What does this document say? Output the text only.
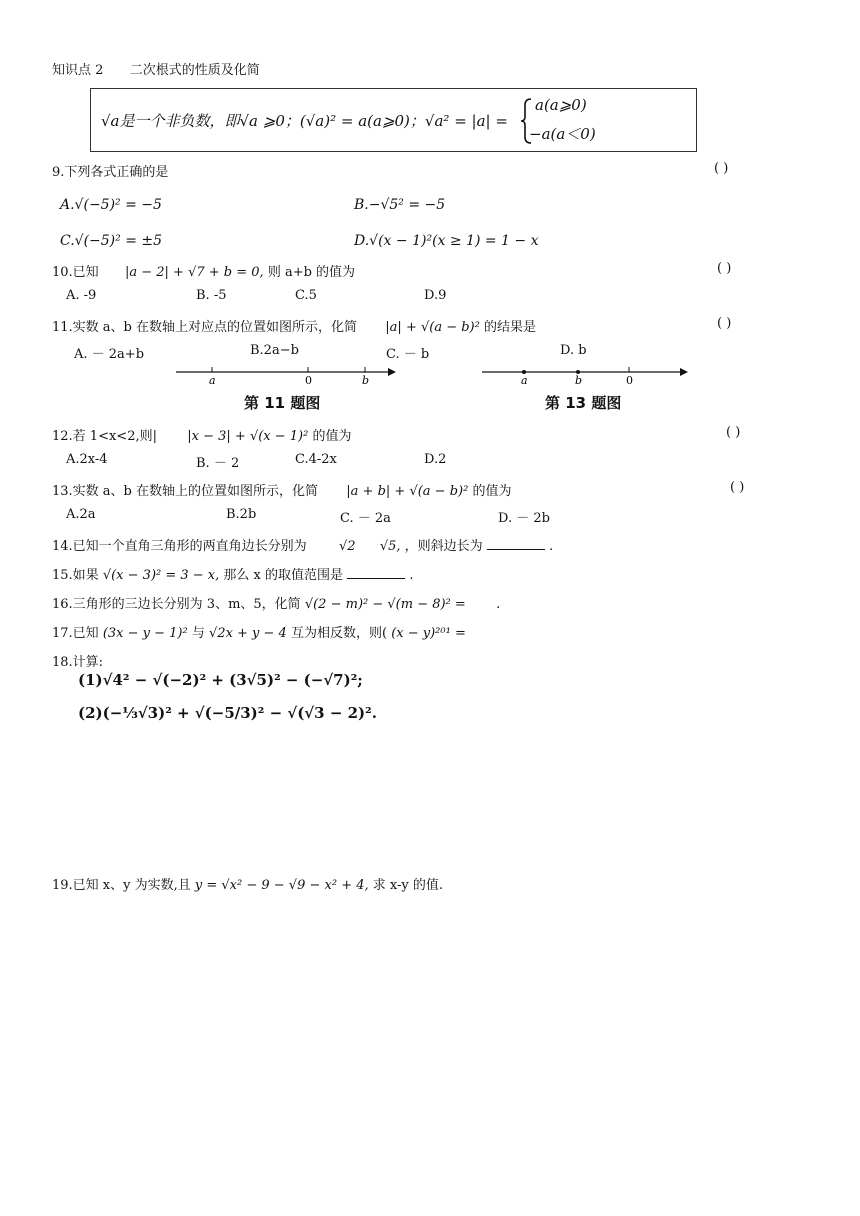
知识点 2 二次根式的性质及化简
√a是一个非负数，即√a ⩾0；(√a)² = a(a⩾0)；√a² = |a| =
a(a⩾0)
−a(a＜0)
9.下列各式正确的是	( )
A.√(−5)² = −5	B.−√5² = −5
C.√(−5)² = ±5	D.√(x − 1)²(x ≥ 1) = 1 − x
10.已知 |a − 2| + √7 + b = 0, 则 a+b 的值为	( )
A. -9	B. -5	C.5	D.9
11.实数 a、b 在数轴上对应点的位置如图所示，化简 |a| + √(a − b)² 的结果是	( )
A. － 2a+b	B.2a−b	C. － b	D. b
a	0	b
第 11 题图
a	b	0
第 13 题图
12.若 1<x<2,则| |x − 3| + √(x − 1)² 的值为	( )
A.2x-4	B. － 2	C.4-2x	D.2
13.实数 a、b 在数轴上的位置如图所示，化简 |a + b| + √(a − b)² 的值为	( )
A.2a	B.2b	C. － 2a	D. － 2b
14.已知一个直角三角形的两直角边长分别为 √2 √5, ，则斜边长为	.
15.如果 √(x − 3)² = 3 − x, 那么 x 的取值范围是	.
16.三角形的三边长分别为 3、m、5，化简 √(2 − m)² − √(m − 8)² = .
17.已知 (3x − y − 1)² 与 √2x + y − 4 互为相反数，则( (x − y)²⁰¹ =
18.计算:
(1)√4² − √(−2)² + (3√5)² − (−√7)²;
(2)(−⅓√3)² + √(−5/3)² − √(√3 − 2)².
19.已知 x、y 为实数,且 y = √x² − 9 − √9 − x² + 4, 求 x-y 的值.
